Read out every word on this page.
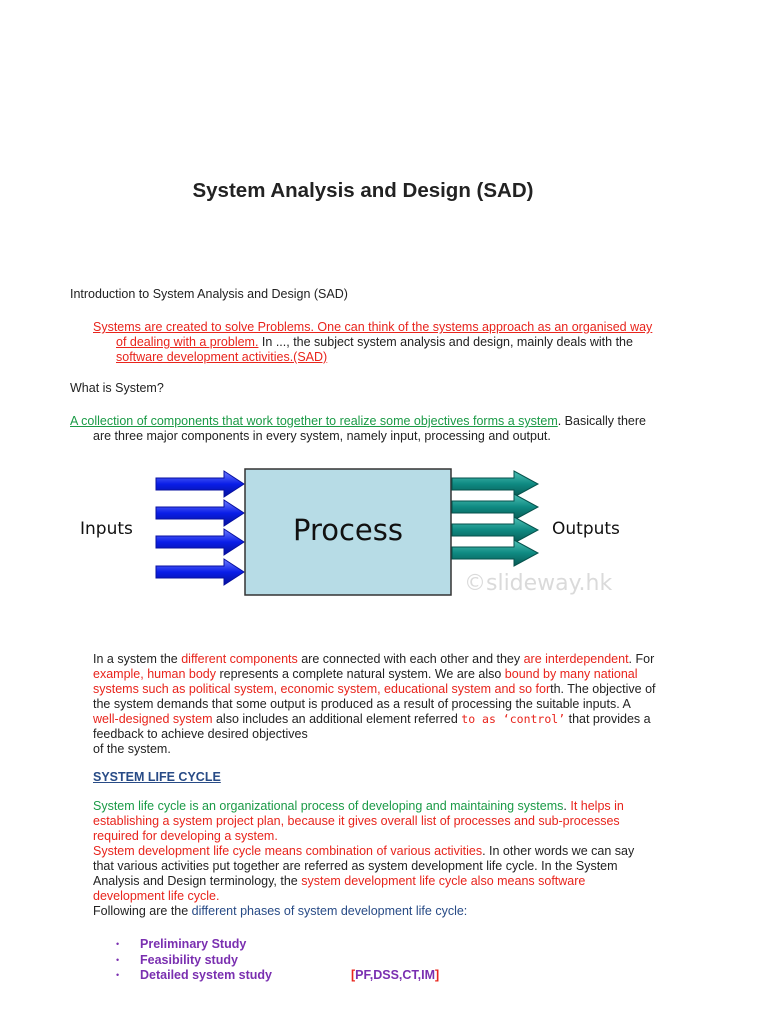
System Analysis and Design (SAD)
Introduction to System Analysis and Design (SAD)
Systems are created to solve Problems. One can think of the systems approach as an organised way
of dealing with a problem. In ..., the subject system analysis and design, mainly deals with the
software development activities.(SAD)
What is System?
A collection of components that work together to realize some objectives forms a system. Basically there
are three major components in every system, namely input, processing and output.
Process
Inputs	Outputs
©slideway.hk
In a system the different components are connected with each other and they are interdependent. For
example, human body represents a complete natural system. We are also bound by many national
systems such as political system, economic system, educational system and so forth. The objective of
the system demands that some output is produced as a result of processing the suitable inputs. A
well-designed system also includes an additional element referred to as ‘control’ that provides a
feedback to achieve desired objectives
of the system.
SYSTEM LIFE CYCLE
System life cycle is an organizational process of developing and maintaining systems. It helps in
establishing a system project plan, because it gives overall list of processes and sub-processes
required for developing a system.
System development life cycle means combination of various activities. In other words we can say
that various activities put together are referred as system development life cycle. In the System
Analysis and Design terminology, the system development life cycle also means software
development life cycle.
Following are the different phases of system development life cycle:
• Preliminary Study
• Feasibility study
• Detailed system study	[PF,DSS,CT,IM]
